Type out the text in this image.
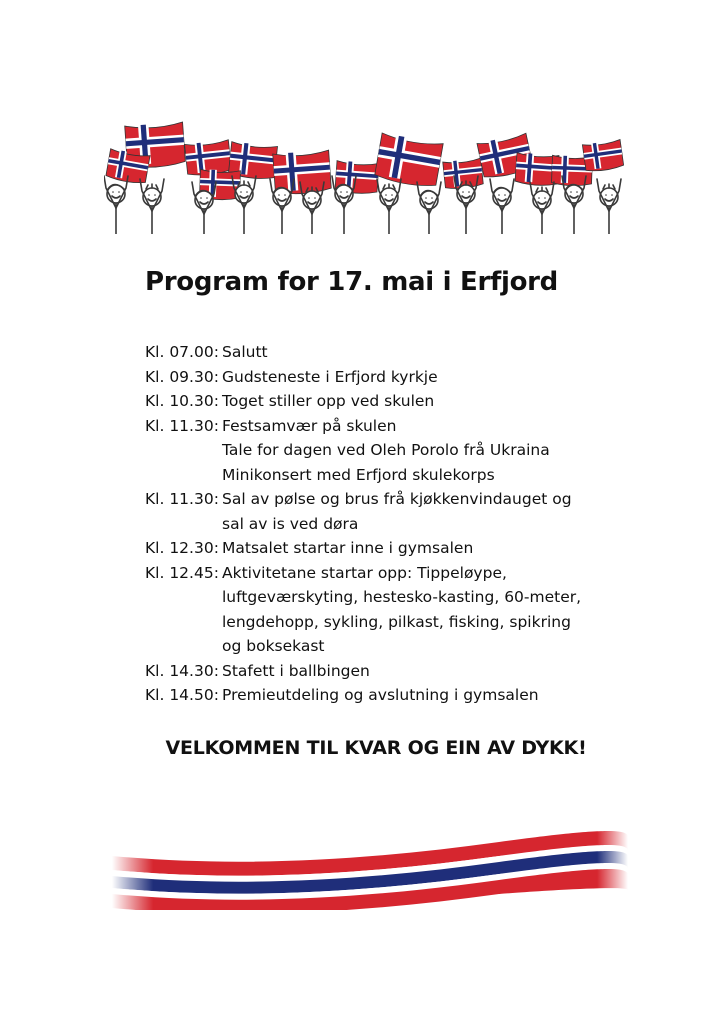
Program for 17. mai i Erfjord
Kl. 07.00: Salutt
Kl. 09.30: Gudsteneste i Erfjord kyrkje
Kl. 10.30: Toget stiller opp ved skulen
Kl. 11.30: Festsamvær på skulen
Tale for dagen ved Oleh Porolo frå Ukraina
Minikonsert med Erfjord skulekorps
Kl. 11.30: Sal av pølse og brus frå kjøkkenvindauget og
sal av is ved døra
Kl. 12.30: Matsalet startar inne i gymsalen
Kl. 12.45: Aktivitetane startar opp: Tippeløype,
luftgeværskyting, hestesko-kasting, 60-meter,
lengdehopp, sykling, pilkast, fisking, spikring
og boksekast
Kl. 14.30: Stafett i ballbingen
Kl. 14.50: Premieutdeling og avslutning i gymsalen

VELKOMMEN TIL KVAR OG EIN AV DYKK!
